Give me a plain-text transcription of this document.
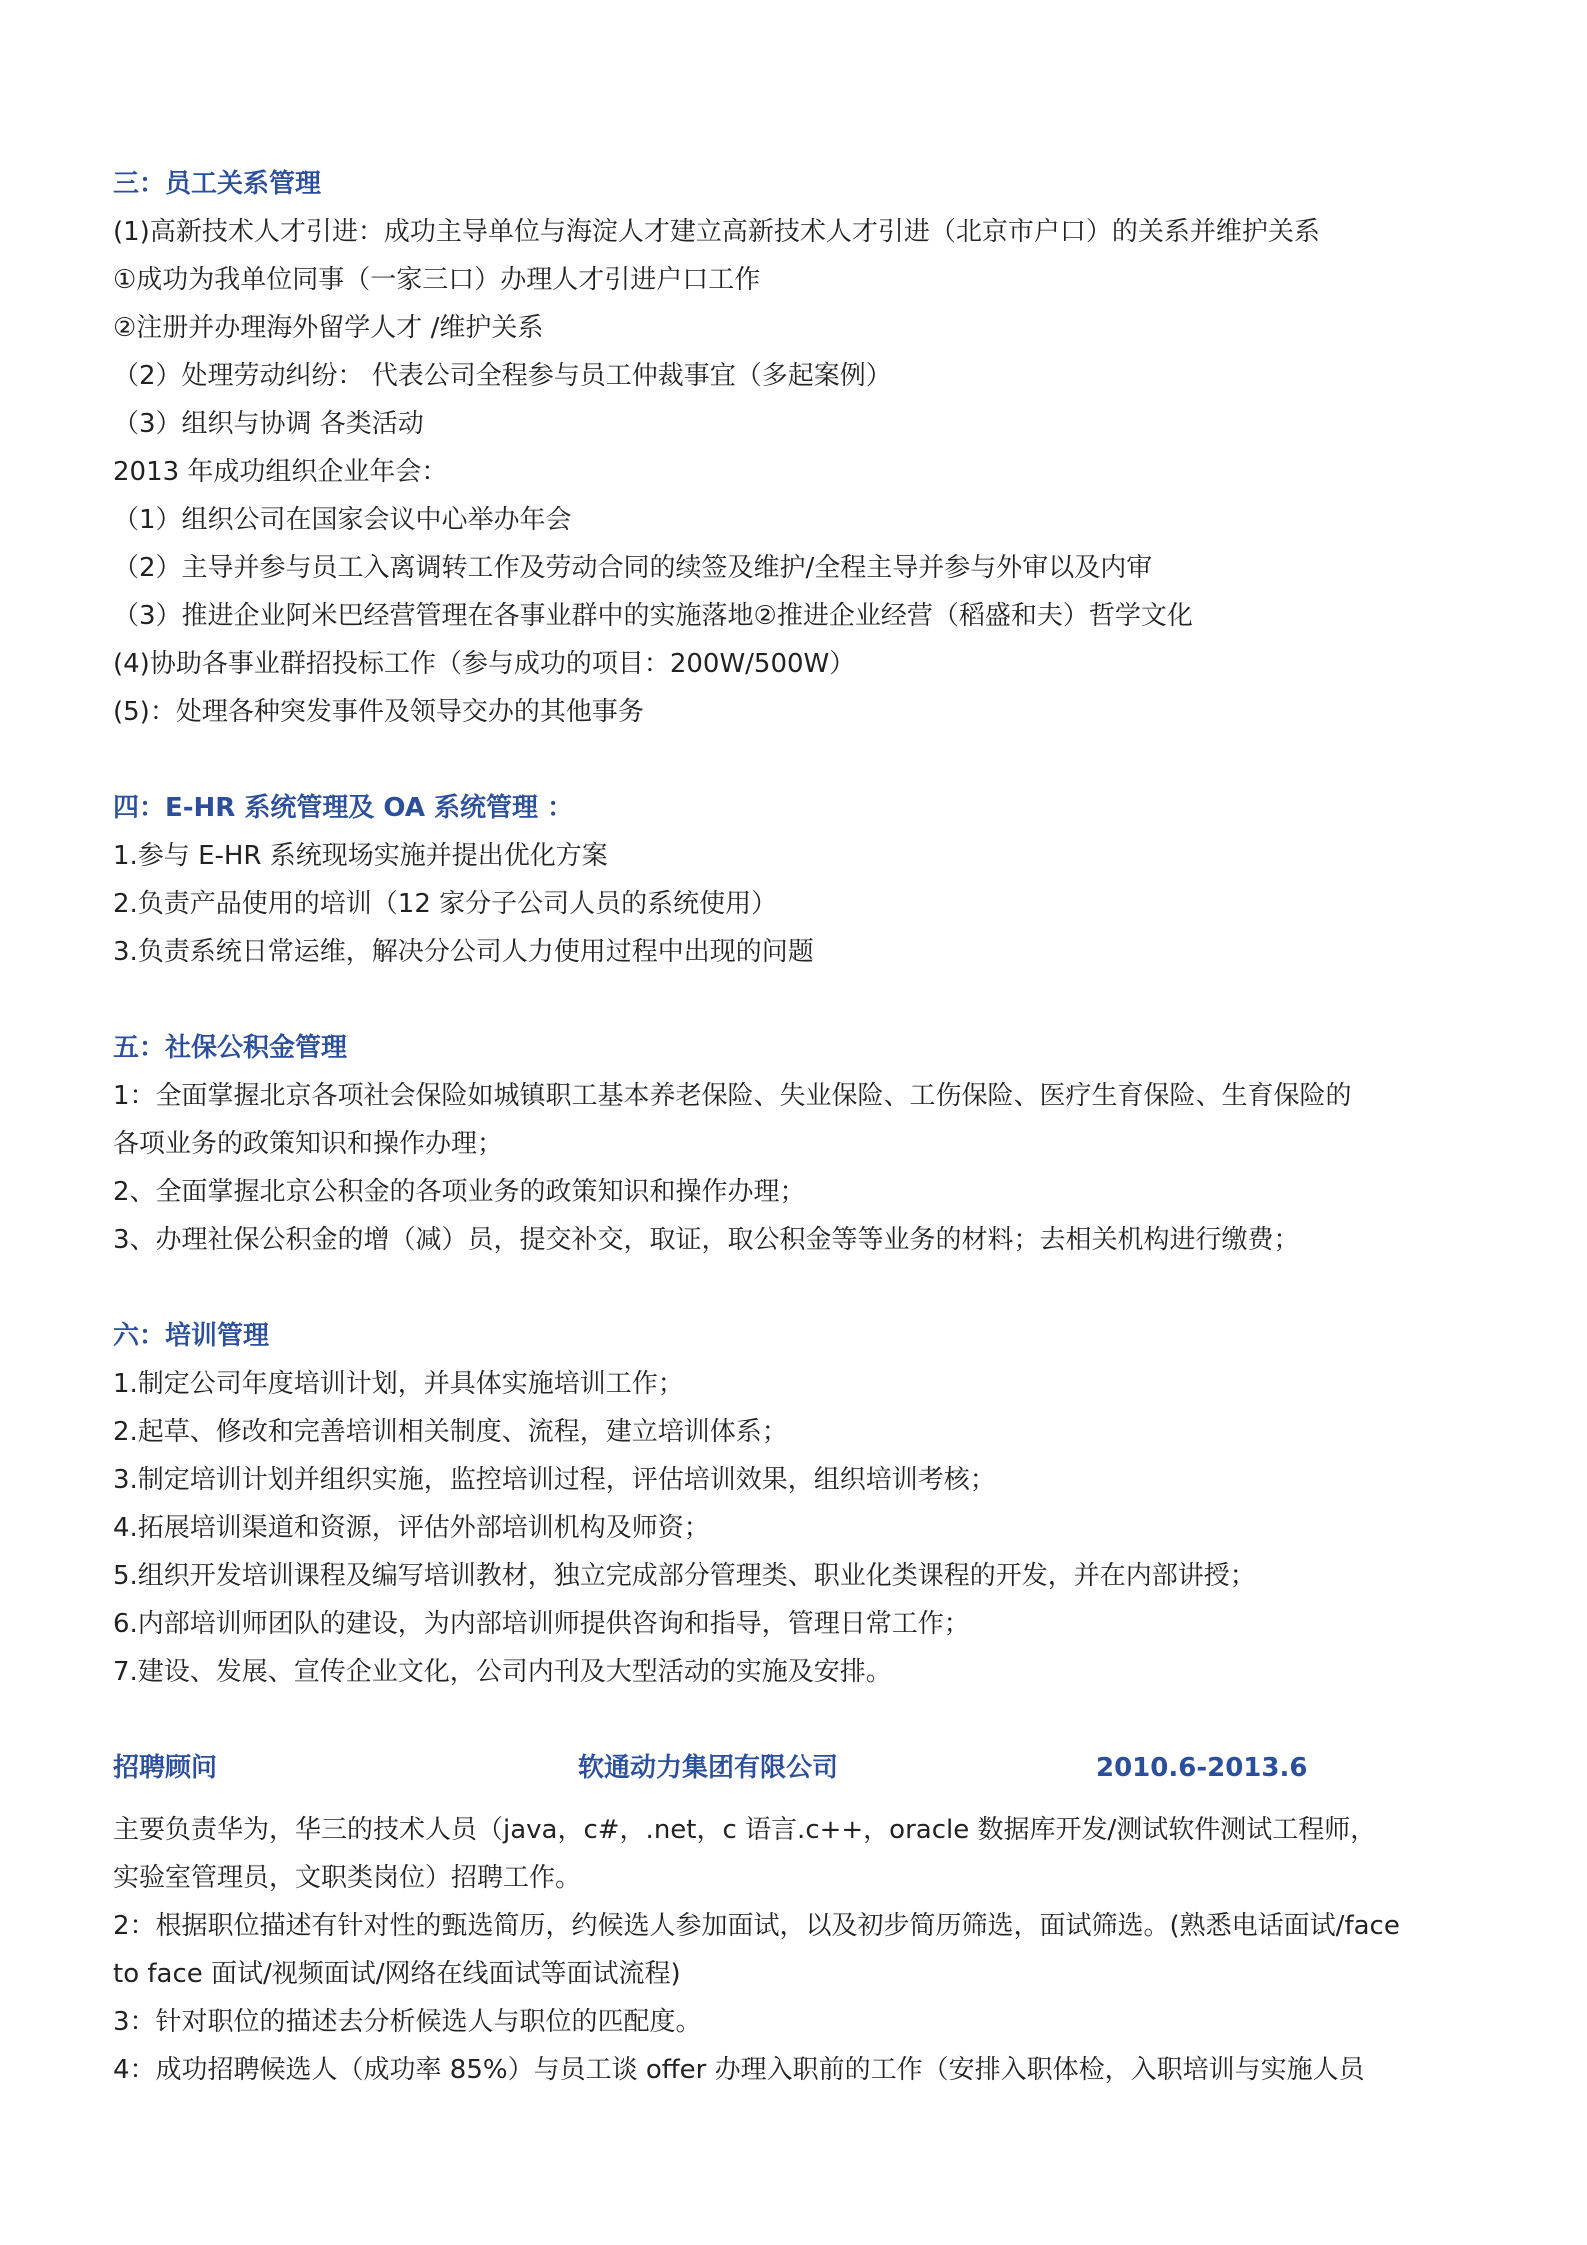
三：员工关系管理
(1)高新技术人才引进：成功主导单位与海淀人才建立高新技术人才引进（北京市户口）的关系并维护关系
①成功为我单位同事（一家三口）办理人才引进户口工作
②注册并办理海外留学人才 /维护关系
（2）处理劳动纠纷： 代表公司全程参与员工仲裁事宜（多起案例）
（3）组织与协调 各类活动
2013 年成功组织企业年会：
（1）组织公司在国家会议中心举办年会
（2）主导并参与员工入离调转工作及劳动合同的续签及维护/全程主导并参与外审以及内审
（3）推进企业阿米巴经营管理在各事业群中的实施落地②推进企业经营（稻盛和夫）哲学文化
(4)协助各事业群招投标工作（参与成功的项目：200W/500W）
(5)：处理各种突发事件及领导交办的其他事务
四：E-HR 系统管理及 OA 系统管理 ：
1.参与 E-HR 系统现场实施并提出优化方案
2.负责产品使用的培训（12 家分子公司人员的系统使用）
3.负责系统日常运维，解决分公司人力使用过程中出现的问题
五：社保公积金管理
1：全面掌握北京各项社会保险如城镇职工基本养老保险、失业保险、工伤保险、医疗生育保险、生育保险的
各项业务的政策知识和操作办理；
2、全面掌握北京公积金的各项业务的政策知识和操作办理；
3、办理社保公积金的增（减）员，提交补交，取证，取公积金等等业务的材料；去相关机构进行缴费；
六：培训管理
1.制定公司年度培训计划，并具体实施培训工作；
2.起草、修改和完善培训相关制度、流程，建立培训体系；
3.制定培训计划并组织实施，监控培训过程，评估培训效果，组织培训考核；
4.拓展培训渠道和资源，评估外部培训机构及师资；
5.组织开发培训课程及编写培训教材，独立完成部分管理类、职业化类课程的开发，并在内部讲授；
6.内部培训师团队的建设，为内部培训师提供咨询和指导，管理日常工作；
7.建设、发展、宣传企业文化，公司内刊及大型活动的实施及安排。
招聘顾问	软通动力集团有限公司	2010.6-2013.6
主要负责华为，华三的技术人员（java，c#，.net，c 语言.c++，oracle 数据库开发/测试软件测试工程师，
实验室管理员，文职类岗位）招聘工作。
2：根据职位描述有针对性的甄选简历，约候选人参加面试，以及初步简历筛选，面试筛选。(熟悉电话面试/face
to face 面试/视频面试/网络在线面试等面试流程)
3：针对职位的描述去分析候选人与职位的匹配度。
4：成功招聘候选人（成功率 85%）与员工谈 offer 办理入职前的工作（安排入职体检，入职培训与实施人员
